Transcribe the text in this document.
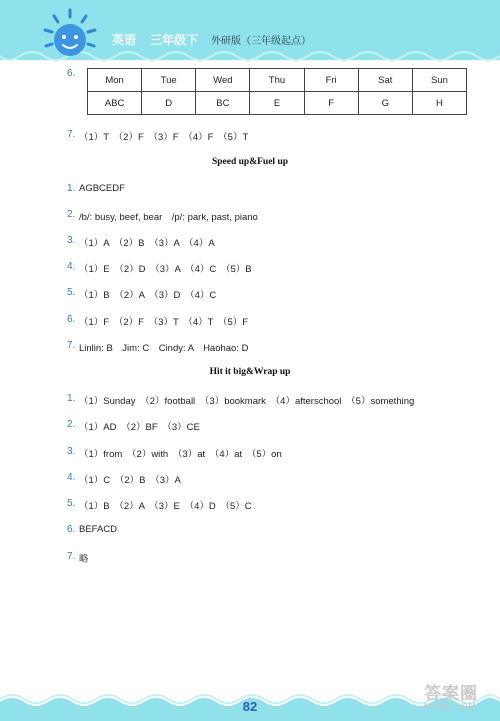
英语 三年级下 外研版（三年级起点）
6.
Mon	Tue	Wed	Thu	Fri	Sat	Sun
ABC	D	BC	E	F	G	H
7. （1）T　（2）F　（3）F　（4）F　（5）T
Speed up&Fuel up
1. AGBCEDF
2. /b/: busy, beef, bear　/p/: park, past, piano
3. （1）A　（2）B　（3）A　（4）A
4. （1）E　（2）D　（3）A　（4）C　（5）B
5. （1）B　（2）A　（3）D　（4）C
6. （1）F　（2）F　（3）T　（4）T　（5）F
7. Linlin: B　Jim: C　Cindy: A　Haohao: D
Hit it big&Wrap up
1. （1）Sunday　（2）football　（3）bookmark　（4）afterschool　（5）something
2. （1）AD　（2）BF　（3）CE
3. （1）from　（2）with　（3）at　（4）at　（5）on
4. （1）C　（2）B　（3）A
5. （1）B　（2）A　（3）E　（4）D　（5）C
6. BEFACD
7. 略
82
答案圈
MXQE.COM
